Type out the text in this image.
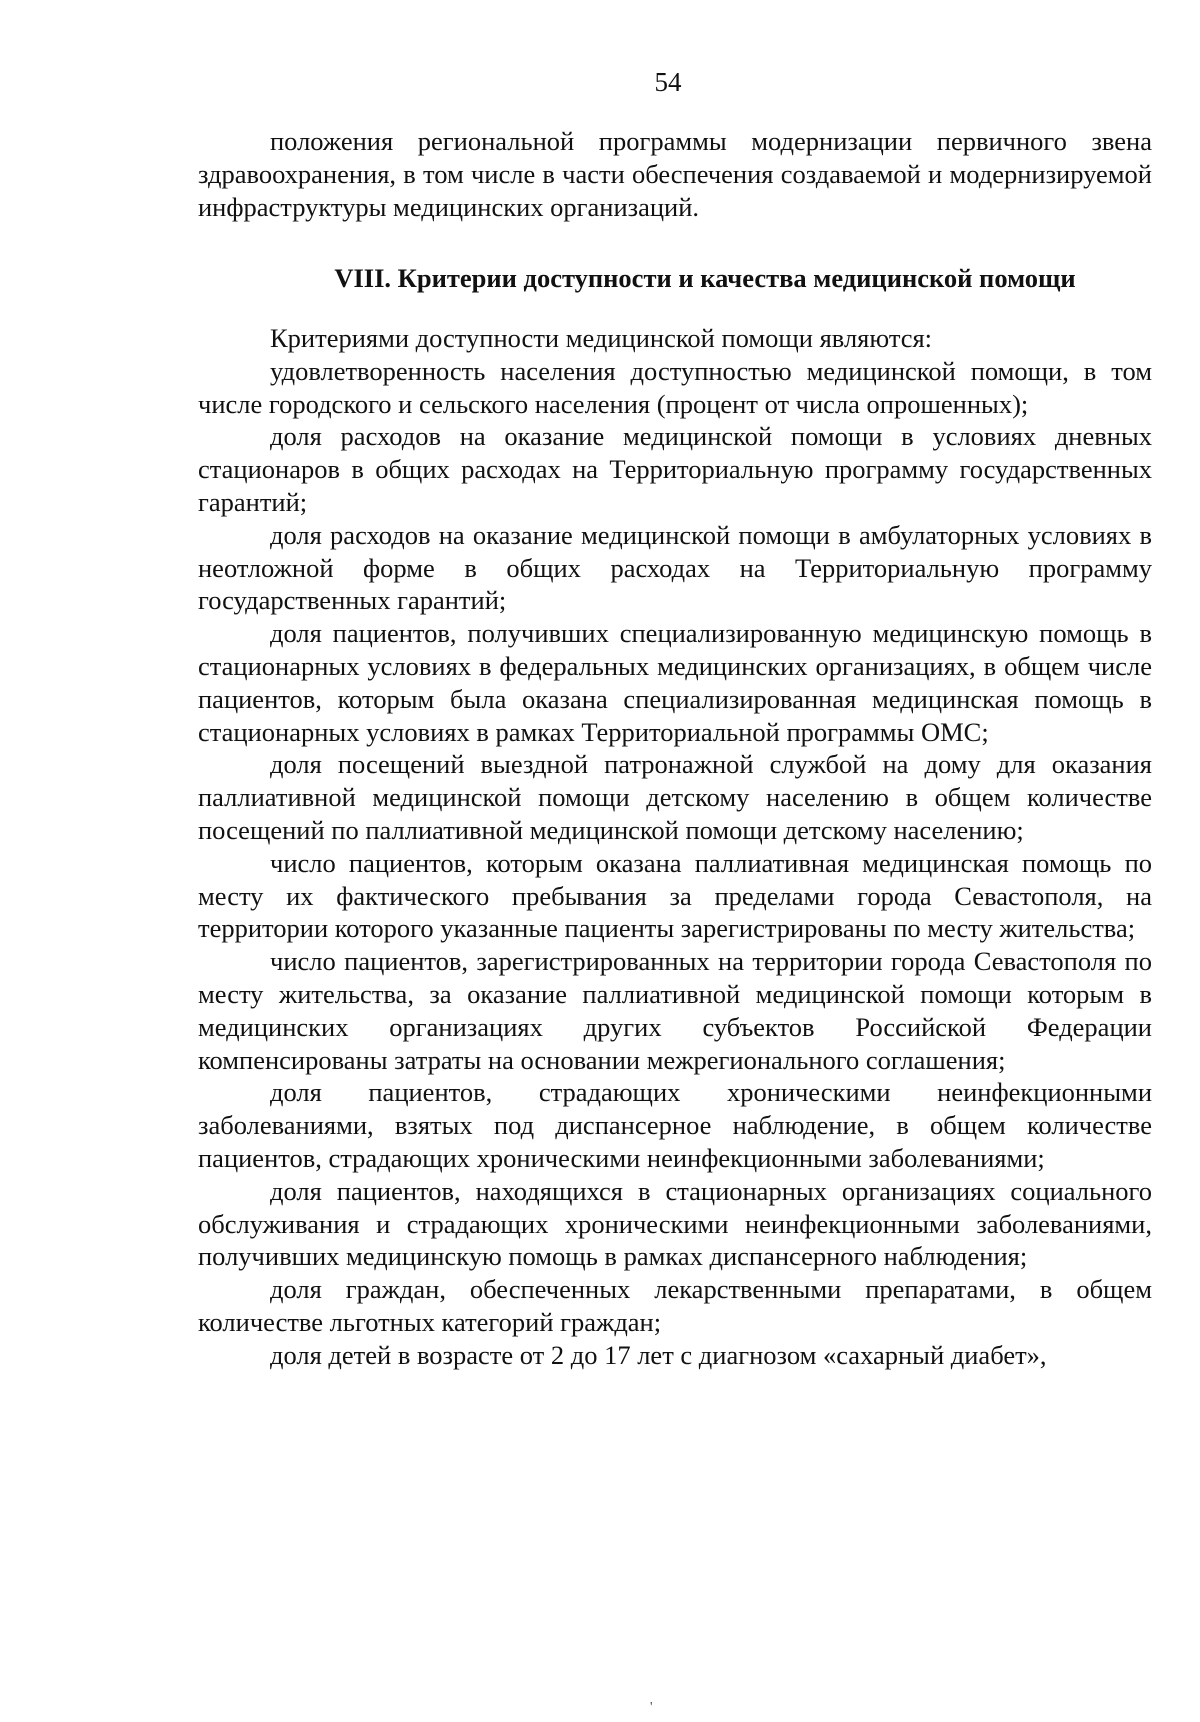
54

положения региональной программы модернизации первичного звена здравоохранения, в том числе в части обеспечения создаваемой и модернизируемой инфраструктуры медицинских организаций.

VIII. Критерии доступности и качества медицинской помощи

Критериями доступности медицинской помощи являются:

удовлетворенность населения доступностью медицинской помощи, в том числе городского и сельского населения (процент от числа опрошенных);

доля расходов на оказание медицинской помощи в условиях дневных стационаров в общих расходах на Территориальную программу государственных гарантий;

доля расходов на оказание медицинской помощи в амбулаторных условиях в неотложной форме в общих расходах на Территориальную программу государственных гарантий;

доля пациентов, получивших специализированную медицинскую помощь в стационарных условиях в федеральных медицинских организациях, в общем числе пациентов, которым была оказана специализированная медицинская помощь в стационарных условиях в рамках Территориальной программы ОМС;

доля посещений выездной патронажной службой на дому для оказания паллиативной медицинской помощи детскому населению в общем количестве посещений по паллиативной медицинской помощи детскому населению;

число пациентов, которым оказана паллиативная медицинская помощь по месту их фактического пребывания за пределами города Севастополя, на территории которого указанные пациенты зарегистрированы по месту жительства;

число пациентов, зарегистрированных на территории города Севастополя по месту жительства, за оказание паллиативной медицинской помощи которым в медицинских организациях других субъектов Российской Федерации компенсированы затраты на основании межрегионального соглашения;

доля пациентов, страдающих хроническими неинфекционными заболеваниями, взятых под диспансерное наблюдение, в общем количестве пациентов, страдающих хроническими неинфекционными заболеваниями;

доля пациентов, находящихся в стационарных организациях социального обслуживания и страдающих хроническими неинфекционными заболеваниями, получивших медицинскую помощь в рамках диспансерного наблюдения;

доля граждан, обеспеченных лекарственными препаратами, в общем количестве льготных категорий граждан;

доля детей в возрасте от 2 до 17 лет с диагнозом «сахарный диабет»,

'
